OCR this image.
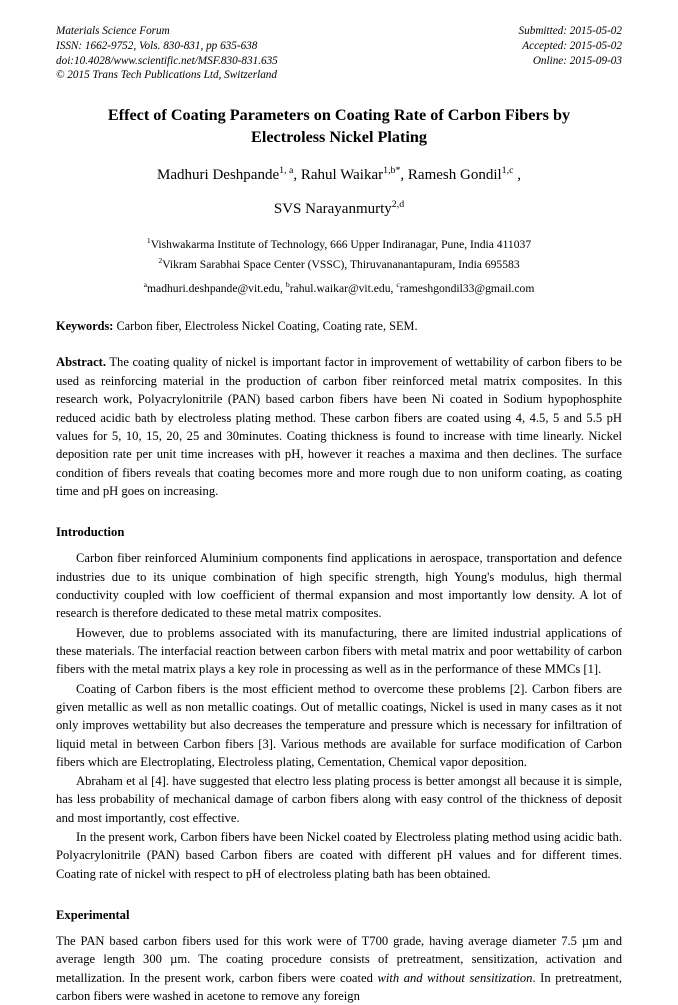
Materials Science Forum
ISSN: 1662-9752, Vols. 830-831, pp 635-638
doi:10.4028/www.scientific.net/MSF.830-831.635
© 2015 Trans Tech Publications Ltd, Switzerland
Submitted: 2015-05-02
Accepted: 2015-05-02
Online: 2015-09-03
Effect of Coating Parameters on Coating Rate of Carbon Fibers by Electroless Nickel Plating
Madhuri Deshpande$^{1, a}$, Rahul Waikar$^{1,b*}$, Ramesh Gondil$^{1,c}$ ,
SVS Narayanmurty$^{2,d}$
$^1$Vishwakarma Institute of Technology, 666 Upper Indiranagar, Pune, India 411037
$^2$Vikram Sarabhai Space Center (VSSC), Thiruvananantapuram, India 695583
$^a$madhuri.deshpande@vit.edu, $^b$rahul.waikar@vit.edu, $^c$rameshgondil33@gmail.com
Keywords: Carbon fiber, Electroless Nickel Coating, Coating rate, SEM.
Abstract. The coating quality of nickel is important factor in improvement of wettability of carbon fibers to be used as reinforcing material in the production of carbon fiber reinforced metal matrix composites. In this research work, Polyacrylonitrile (PAN) based carbon fibers have been Ni coated in Sodium hypophosphite reduced acidic bath by electroless plating method. These carbon fibers are coated using 4, 4.5, 5 and 5.5 pH values for 5, 10, 15, 20, 25 and 30minutes. Coating thickness is found to increase with time linearly. Nickel deposition rate per unit time increases with pH, however it reaches a maxima and then declines. The surface condition of fibers reveals that coating becomes more and more rough due to non uniform coating, as coating time and pH goes on increasing.
Introduction
Carbon fiber reinforced Aluminium components find applications in aerospace, transportation and defence industries due to its unique combination of high specific strength, high Young's modulus, high thermal conductivity coupled with low coefficient of thermal expansion and most importantly low density. A lot of research is therefore dedicated to these metal matrix composites.
However, due to problems associated with its manufacturing, there are limited industrial applications of these materials. The interfacial reaction between carbon fibers with metal matrix and poor wettability of carbon fibers with the metal matrix plays a key role in processing as well as in the performance of these MMCs [1].
Coating of Carbon fibers is the most efficient method to overcome these problems [2]. Carbon fibers are given metallic as well as non metallic coatings. Out of metallic coatings, Nickel is used in many cases as it not only improves wettability but also decreases the temperature and pressure which is necessary for infiltration of liquid metal in between Carbon fibers [3]. Various methods are available for surface modification of Carbon fibers which are Electroplating, Electroless plating, Cementation, Chemical vapor deposition.
Abraham et al [4]. have suggested that electro less plating process is better amongst all because it is simple, has less probability of mechanical damage of carbon fibers along with easy control of the thickness of deposit and most importantly, cost effective.
In the present work, Carbon fibers have been Nickel coated by Electroless plating method using acidic bath. Polyacrylonitrile (PAN) based Carbon fibers are coated with different pH values and for different times. Coating rate of nickel with respect to pH of electroless plating bath has been obtained.
Experimental
The PAN based carbon fibers used for this work were of T700 grade, having average diameter 7.5 µm and average length 300 µm. The coating procedure consists of pretreatment, sensitization, activation and metallization. In the present work, carbon fibers were coated with and without sensitization. In pretreatment, carbon fibers were washed in acetone to remove any foreign
